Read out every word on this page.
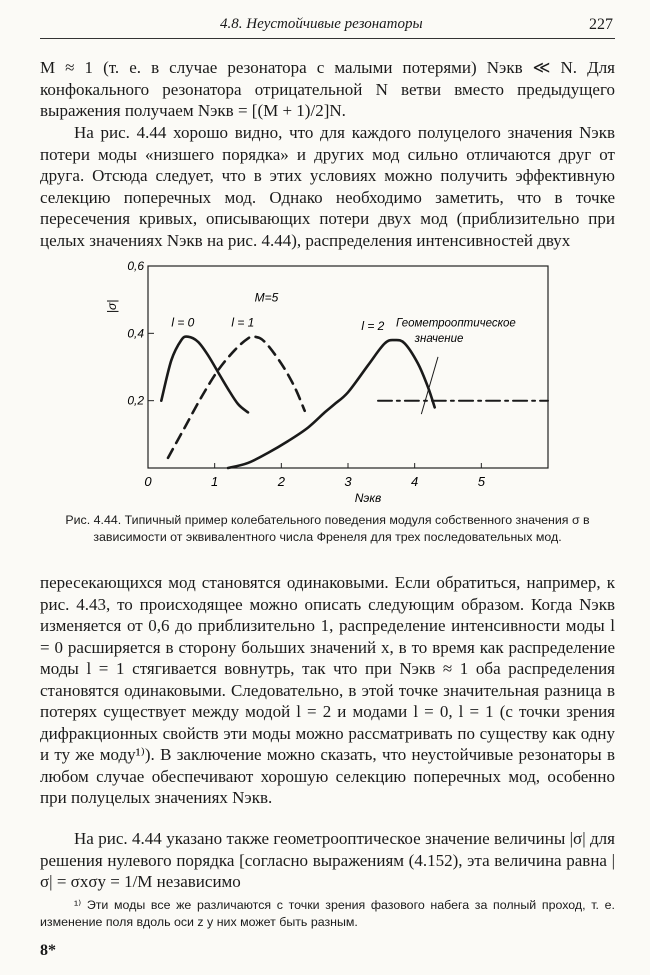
4.8. Неустойчивые резонаторы	227

M ≈ 1 (т. е. в случае резонатора с малыми потерями) Nэкв ≪ N. Для конфокального резонатора отрицательной N ветви вместо предыдущего выражения получаем Nэкв = [(M + 1)/2]N.

На рис. 4.44 хорошо видно, что для каждого полуцелого значения Nэкв потери моды «низшего порядка» и других мод сильно отличаются друг от друга. Отсюда следует, что в этих условиях можно получить эффективную селекцию поперечных мод. Однако необходимо заметить, что в точке пересечения кривых, описывающих потери двух мод (приблизительно при целых значениях Nэкв на рис. 4.44), распределения интенсивностей двух

0	1	2	3	4	5
0,2
0,4
0,6
Nэкв
|σ|
l = 0	l = 1	l = 2
M=5
Геометрооптическое
значение

Рис. 4.44. Типичный пример колебательного поведения модуля собственного значения σ в зависимости от эквивалентного числа Френеля для трех последовательных мод.

пересекающихся мод становятся одинаковыми. Если обратиться, например, к рис. 4.43, то происходящее можно описать следующим образом. Когда Nэкв изменяется от 0,6 до приблизительно 1, распределение интенсивности моды l = 0 расширяется в сторону больших значений x, в то время как распределение моды l = 1 стягивается вовнутрь, так что при Nэкв ≈ 1 оба распределения становятся одинаковыми. Следовательно, в этой точке значительная разница в потерях существует между модой l = 2 и модами l = 0, l = 1 (с точки зрения дифракционных свойств эти моды можно рассматривать по существу как одну и ту же моду¹⁾). В заключение можно сказать, что неустойчивые резонаторы в любом случае обеспечивают хорошую селекцию поперечных мод, особенно при полуцелых значениях Nэкв.

На рис. 4.44 указано также геометрооптическое значение величины |σ| для решения нулевого порядка [согласно выражениям (4.152), эта величина равна |σ| = σxσy = 1/M независимо

¹⁾ Эти моды все же различаются с точки зрения фазового набега за полный проход, т. е. изменение поля вдоль оси z у них может быть разным.

8*
